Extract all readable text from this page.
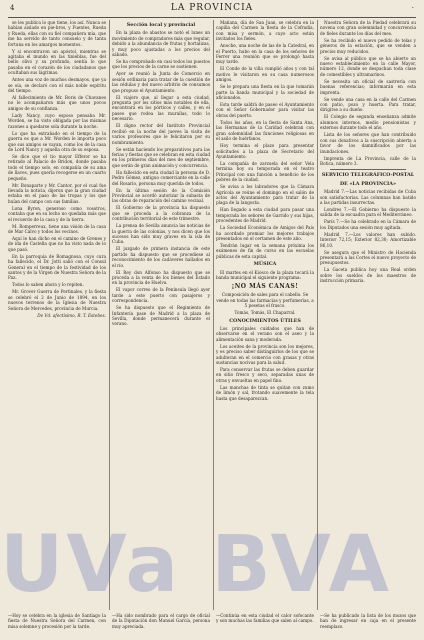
4	LA PROVINCIA	·

se les publica lo que tiene, los así. Nunca se habían aislado en pie-bros, y Fuentes, Rueda y Rueda, ellas con su fiel compañera mía, que me ha servido de tanto consuelo y de tanta fortuna en los amargos momentos.

Y si encontraron un apóstol, mientras se agitaba el mundo en las tinieblas, fue del bello olivo y su profundo, sentía lo que pasaba en el corazón de los ciudadanos que ocultaban sus lágrimas.

Antes una voz de muchos desmayos, que ya se oía, se declaró con el más noble espíritu del tiempo.

Al fallecimiento de Mr. Boris de Chavanes no le acompañaron más que unos pocos amigos de su confianza.

Lady Nancy, cuyo esposo pensaba Mr. Worden, se ha visto obligada por las mismas razones a quedarse sola durante la noche.

Lo que ha extrañado en el tiempo de la guerra es que a Mr. Worden le importa poco que sus amigos se vayan, como los de la casa de Lord Nancy y aquella otra de su esposa.

Se dice que el tio mayor Efferor se ha retirado al Palacio de Bridon, donde pasaba todo el tiempo solo, en compañía de su ama de llaves, pues quería recogerse en un cuarto pequeño.

Mr. Bonaparte y Mr. Cantor, por el cual fue llevada la noticia, dijeron que la gran ciudad estaba en el paso de las tropas y los que huían del campo con sus familias.

Lona Byron, generoso como vosotros, contaba que en su lecho no quedaba más que el recuerdo de la casa y de la tierra.

M. Romperreux, tiene una visión de la casa de Mar Calvo y todos los vecinos.

Aquí le han dicho en el camino de Grenes y de ida de Castella que no ha visto nada de lo que pasó.

En la parroquia de Romagnosa, cuyo cura ha fallecido, el Dr. Jotti salió con el Consul General en el tiempo de la festividad de los santos y de la Virgen de Nuestra Señora de la Paz.

Todos lo saben ahora y lo repiten.

Mr. Grover Guerra de Pertinales, y la fiesta se celebró el 2 de Junio de 1894, en los nuevos terrenos de la Iglesia de Nuestra Señora de Mercedes, provincia de Murcia.

De Vd. afectísimo, R. T. Estebes.

Sección local y provincial

En la plaza de abastos se notó el lunes un movimiento de compradores más que regular, debido a la abundancia de frutas y hortalizas, y muy poco ajustadas a los precios del sábado.

Se ha comprobado en casi todos los puestos que los precios de la carne se sostienen.

Ayer se reunió la Junta de Comercio en sesión ordinaria para tratar de la cuestión de las cédulas y del nuevo arbitrio de consumos que propuso el Ayuntamiento.

El viajero que, al llegar a esta ciudad, pregunta por los sitios más notables de ella, encontrará en los pórticos y calles, y en el paseo que rodea las murallas, todo lo necesario.

El digno rector del Instituto Provincial recibió en la noche del jueves la visita de varios profesores que le felicitaron por su nombramiento.

Se están haciendo los preparativos para las ferias y fiestas que se celebran en esta ciudad en los primeros días del mes de septiembre, que serán de gran animación y concurrencia.

Ha fallecido en esta ciudad la persona de D. Pedro Gómez, antiguo comerciante en la calle del Rosario, persona muy querida de todos.

En la última sesión de la Comisión Provincial se acordó autorizar la subasta de las obras de reparación del camino vecinal.

El Gobierno de la provincia ha dispuesto que se proceda a la cobranza de la contribución territorial de este trimestre.

La prensa de Sevilla anuncia las noticias de la guerra de las colonias, y nos dicen que los sucesos han sido muy graves en la isla de Cuba.

El juzgado de primera instancia de este partido ha dispuesto que se procediese al reconocimiento de los cadáveres hallados en el río.

El Rey don Alfonso ha dispuesto que se proceda a la venta de los bienes del Estado en la provincia de Huelva.

El vapor correo de la Península llegó ayer tarde a este puerto con pasajeros y correspondencia.

Se ha dispuesto que el Regimiento de Infantería pase de Madrid a la plaza de Sevilla, donde permanecerá durante el verano.

Mañana, día de San Juan, se celebra en la capilla del Carmen la fiesta de la Cofradía, con misa y sermón, a cuyo acto están invitados los fieles.

Anoche, una noche de las de la Catedral, en el Puerto, hubo en la casa de los señores de Ferrer una reunión que se prolongó hasta muy tarde.

El Conde de la villa cumplió años y con tal motivo le visitaron en su casa numerosos amigos.

Se le prepara una fiesta en la que tomarán parte la banda municipal y la sociedad de aficionados.

Esta tarde saldrá de paseo el Ayuntamiento con el Señor Gobernador para visitar las obras del puerto.

Todos los años, en la fiesta de Santa Ana, las Hermanas de la Caridad celebran con gran solemnidad las funciones religiosas en el asilo de huérfanos.

Hoy termina el plazo para presentar solicitudes a la plaza de Secretario del Ayuntamiento.

La compañía de zarzuela del señor Vela termina hoy su temporada en el teatro Principal con una función a beneficio de los pobres de la ciudad.

Se avisa a los labradores que la Cámara Agrícola se reúne el domingo en el salón de actos del Ayuntamiento para tratar de la plaga de la langosta.

Han llegado a esta ciudad para pasar una temporada los señores de Garrido y sus hijas, procedentes de Madrid.

La Sociedad Económica de Amigos del País ha acordado premiar los mejores trabajos presentados en el certamen de este año.

Tendrán lugar en la semana próxima los exámenes de fin de curso en las escuelas públicas de esta capital.

MÚSICA

El martes en el Kiosco de la plaza tocará la banda municipal el siguiente programa:

¡NO MÁS CANAS!

Composición de sales para el cabello. Se vende en todas las farmacias y perfumerías, a 5 pesetas el frasco.

Tomás, Tomás, El Chaparral.

CONOCIMIENTOS ÚTILES

Los principales cuidados que han de observarse en el verano son el aseo y la alimentación sana y moderada.

Los aceites de la provincia son los mejores, y es preciso saber distinguirlos de los que se adulteran en el comercio con grasas y otras sustancias nocivas para la salud.

Para conservar las frutas se deben guardar en sitio fresco y seco, separadas unas de otras y envueltas en papel fino.

Las manchas de tinta se quitan con zumo de limón y sal, frotando suavemente la tela hasta que desaparezcan.

Nuestra Señora de la Piedad celebrará su novena con gran solemnidad y concurrencia de fieles durante los días del mes.

Se ha recibido el nuevo pedido de telas y géneros de la estación, que se venden a precios muy reducidos.

Se avisa al público que se ha abierto un nuevo establecimiento en la calle Mayor, número 12, donde se despachan toda clase de comestibles y ultramarinos.

Se necesita un oficial de sastrería con buenas referencias; informarán en esta imprenta.

Se vende una casa en la calle del Carmen con patio, pozo y huerta. Para tratar, dirigirse a su dueño.

El Colegio de segunda enseñanza admite alumnos internos, medio pensionistas y externos durante todo el año.

Lista de los señores que han contribuido con sus donativos a la suscripción abierta a favor de los damnificados por las inundaciones.

Imprenta de La Provincia, calle de la Botica, número 3.

SERVICIO TELEGRÁFICO-POSTAL

DE «LA PROVINCIA»

Madrid 7.—Las noticias recibidas de Cuba son satisfactorias. Las columnas han batido a las partidas insurrectas.

Londres 7.—El Gobierno ha dispuesto la salida de la escuadra para el Mediterráneo.

París 7.—Se ha celebrado en la Cámara de los Diputados una sesión muy agitada.

Madrid 7.—Los valores han subido. Interior 72,15; Exterior 82,30; Amortizable 86,10.

Se asegura que el Ministro de Hacienda presentará a las Cortes el nuevo proyecto de presupuestos.

La Gaceta publica hoy una Real orden sobre los sueldos de los maestros de instrucción primaria.

—Hoy se celebra en la iglesia de Santiago la fiesta de Nuestra Señora del Carmen, con misa solemne y procesión por la tarde.
—Ha sido nombrado para el cargo de oficial de la Diputación don Manuel García, persona muy apreciada.
—Continúa en esta ciudad el calor sofocante y son muchas las familias que salen al campo.
—Se ha publicado la lista de los mozos que han de ingresar en caja en el presente reemplazo.
UVa BVA
